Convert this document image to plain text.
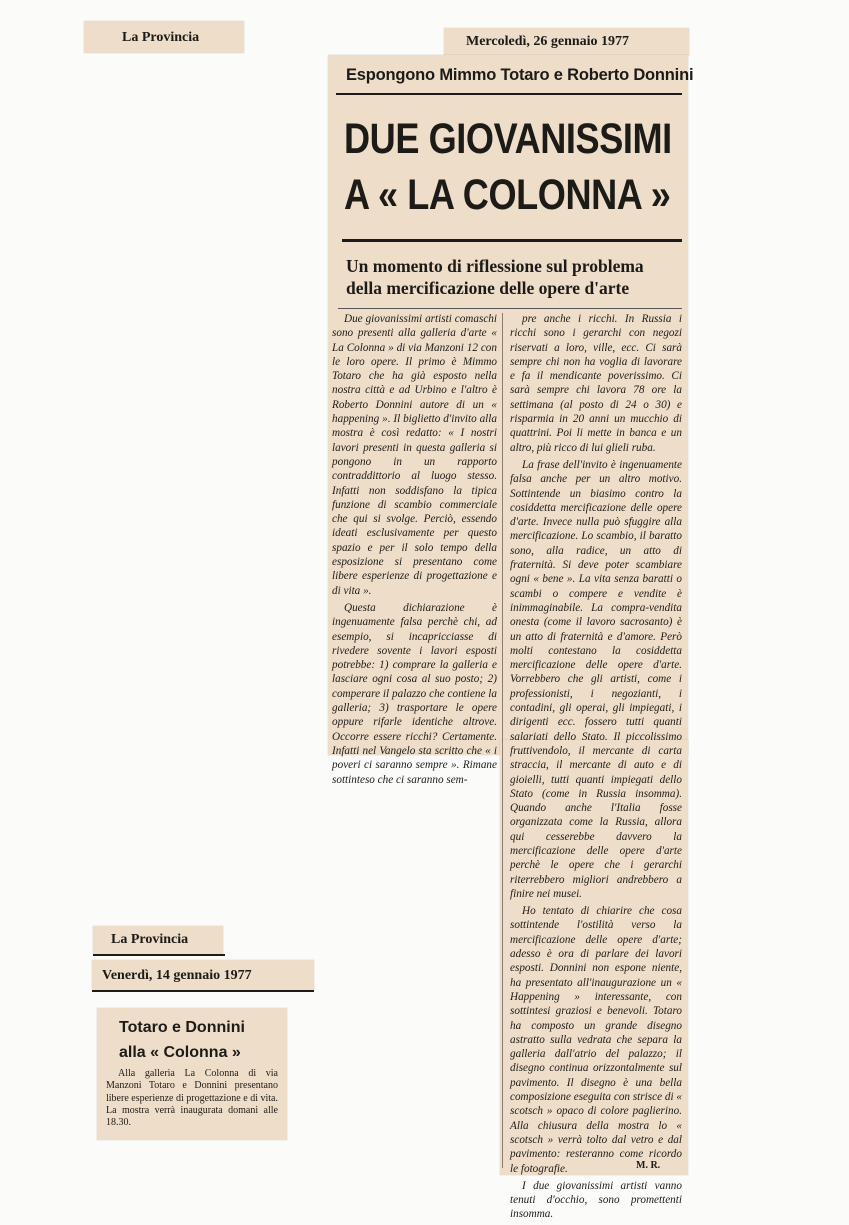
La Provincia	Mercoledì, 26 gennaio 1977
Espongono Mimmo Totaro e Roberto Donnini
DUE GIOVANISSIMI
A « LA COLONNA »
Un momento di riflessione sul problema
della mercificazione delle opere d'arte

Due giovanissimi artisti comaschi sono presenti alla galleria d'arte « La Colonna » di via Manzoni 12 con le loro opere. Il primo è Mimmo Totaro che ha già esposto nella nostra città e ad Urbino e l'altro è Roberto Donnini autore di un « happening ». Il biglietto d'invito alla mostra è così redatto: « I nostri lavori presenti in questa galleria si pongono in un rapporto contraddittorio al luogo stesso. Infatti non soddisfano la tipica funzione di scambio commerciale che qui si svolge. Perciò, essendo ideati esclusivamente per questo spazio e per il solo tempo della esposizione si presentano come libere esperienze di progettazione e di vita ».

Questa dichiarazione è ingenuamente falsa perchè chi, ad esempio, si incapricciasse di rivedere sovente i lavori esposti potrebbe: 1) comprare la galleria e lasciare ogni cosa al suo posto; 2) comperare il palazzo che contiene la galleria; 3) trasportare le opere oppure rifarle identiche altrove. Occorre essere ricchi? Certamente. Infatti nel Vangelo sta scritto che « i poveri ci saranno sempre ». Rimane sottinteso che ci saranno sem-

pre anche i ricchi. In Russia i ricchi sono i gerarchi con negozi riservati a loro, ville, ecc. Ci sarà sempre chi non ha voglia di lavorare e fa il mendicante poverissimo. Ci sarà sempre chi lavora 78 ore la settimana (al posto di 24 o 30) e risparmia in 20 anni un mucchio di quattrini. Poi li mette in banca e un altro, più ricco di lui glieli ruba.

La frase dell'invito è ingenuamente falsa anche per un altro motivo. Sottintende un biasimo contro la cosiddetta mercificazione delle opere d'arte. Invece nulla può sfuggire alla mercificazione. Lo scambio, il baratto sono, alla radice, un atto di fraternità. Si deve poter scambiare ogni « bene ». La vita senza baratti o scambi o compere e vendite è inimmaginabile. La compra-vendita onesta (come il lavoro sacrosanto) è un atto di fraternità e d'amore. Però molti contestano la cosiddetta mercificazione delle opere d'arte. Vorrebbero che gli artisti, come i professionisti, i negozianti, i contadini, gli operai, gli impiegati, i dirigenti ecc. fossero tutti quanti salariati dello Stato. Il piccolissimo fruttivendolo, il mercante di carta straccia, il mercante di auto e di gioielli, tutti quanti impiegati dello Stato (come in Russia insomma). Quando anche l'Italia fosse organizzata come la Russia, allora qui cesserebbe davvero la mercificazione delle opere d'arte perchè le opere che i gerarchi riterrebbero migliori andrebbero a finire nei musei.

Ho tentato di chiarire che cosa sottintende l'ostilità verso la mercificazione delle opere d'arte; adesso è ora di parlare dei lavori esposti. Donnini non espone niente, ha presentato all'inaugurazione un « Happening » interessante, con sottintesi graziosi e benevoli. Totaro ha composto un grande disegno astratto sulla vedrata che separa la galleria dall'atrio del palazzo; il disegno continua orizzontalmente sul pavimento. Il disegno è una bella composizione eseguita con strisce di « scotsch » opaco di colore paglierino. Alla chiusura della mostra lo « scotsch » verrà tolto dal vetro e dal pavimento: resteranno come ricordo le fotografie.

I due giovanissimi artisti vanno tenuti d'occhio, sono promettenti insomma.

M. R.
La Provincia
Venerdì, 14 gennaio 1977
Totaro e Donnini
alla « Colonna »

Alla galleria La Colonna di via Manzoni Totaro e Donnini presentano libere esperienze di progettazione e di vita. La mostra verrà inaugurata domani alle 18.30.
